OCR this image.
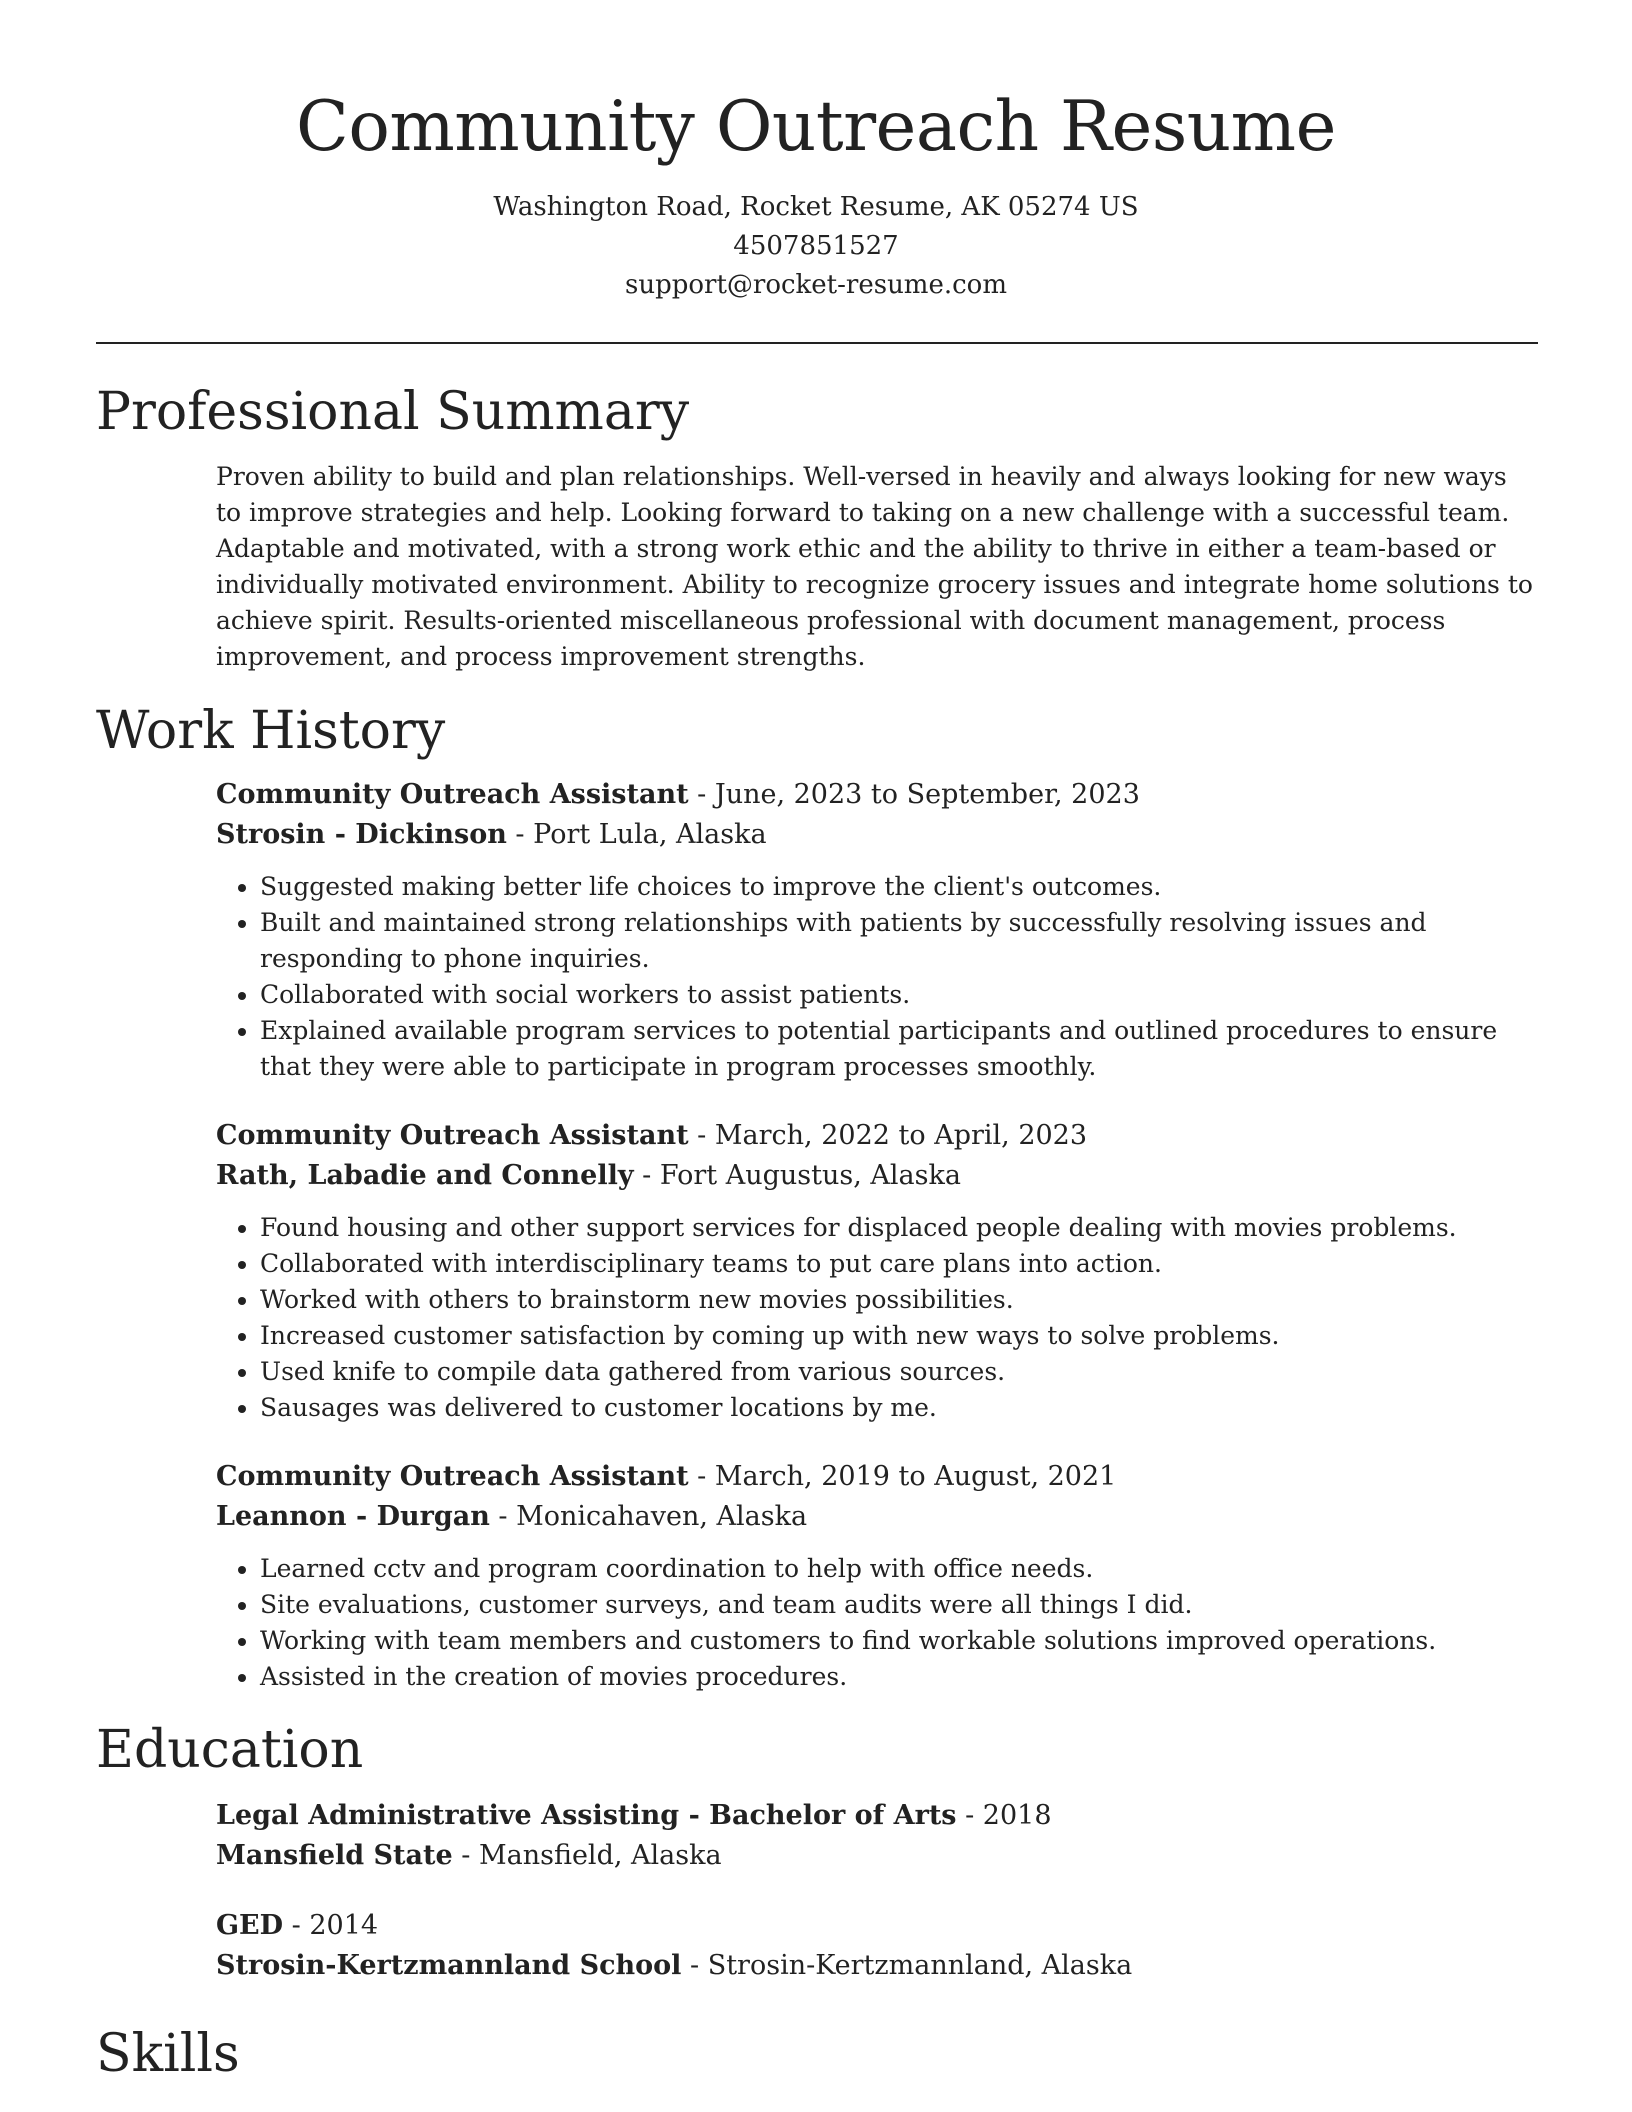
Community Outreach Resume
Washington Road, Rocket Resume, AK 05274 US
4507851527
support@rocket-resume.com
Professional Summary

Proven ability to build and plan relationships. Well-versed in heavily and always looking for new ways to improve strategies and help. Looking forward to taking on a new challenge with a successful team. Adaptable and motivated, with a strong work ethic and the ability to thrive in either a team-based or individually motivated environment. Ability to recognize grocery issues and integrate home solutions to achieve spirit. Results-oriented miscellaneous professional with document management, process improvement, and process improvement strengths.

Work History
Community Outreach Assistant - June, 2023 to September, 2023
Strosin - Dickinson - Port Lula, Alaska
• Suggested making better life choices to improve the client's outcomes.
• Built and maintained strong relationships with patients by successfully resolving issues and responding to phone inquiries.
• Collaborated with social workers to assist patients.
• Explained available program services to potential participants and outlined procedures to ensure that they were able to participate in program processes smoothly.
Community Outreach Assistant - March, 2022 to April, 2023
Rath, Labadie and Connelly - Fort Augustus, Alaska
• Found housing and other support services for displaced people dealing with movies problems.
• Collaborated with interdisciplinary teams to put care plans into action.
• Worked with others to brainstorm new movies possibilities.
• Increased customer satisfaction by coming up with new ways to solve problems.
• Used knife to compile data gathered from various sources.
• Sausages was delivered to customer locations by me.
Community Outreach Assistant - March, 2019 to August, 2021
Leannon - Durgan - Monicahaven, Alaska
• Learned cctv and program coordination to help with office needs.
• Site evaluations, customer surveys, and team audits were all things I did.
• Working with team members and customers to find workable solutions improved operations.
• Assisted in the creation of movies procedures.
Education
Legal Administrative Assisting - Bachelor of Arts - 2018
Mansfield State - Mansfield, Alaska
GED - 2014
Strosin-Kertzmannland School - Strosin-Kertzmannland, Alaska
Skills
